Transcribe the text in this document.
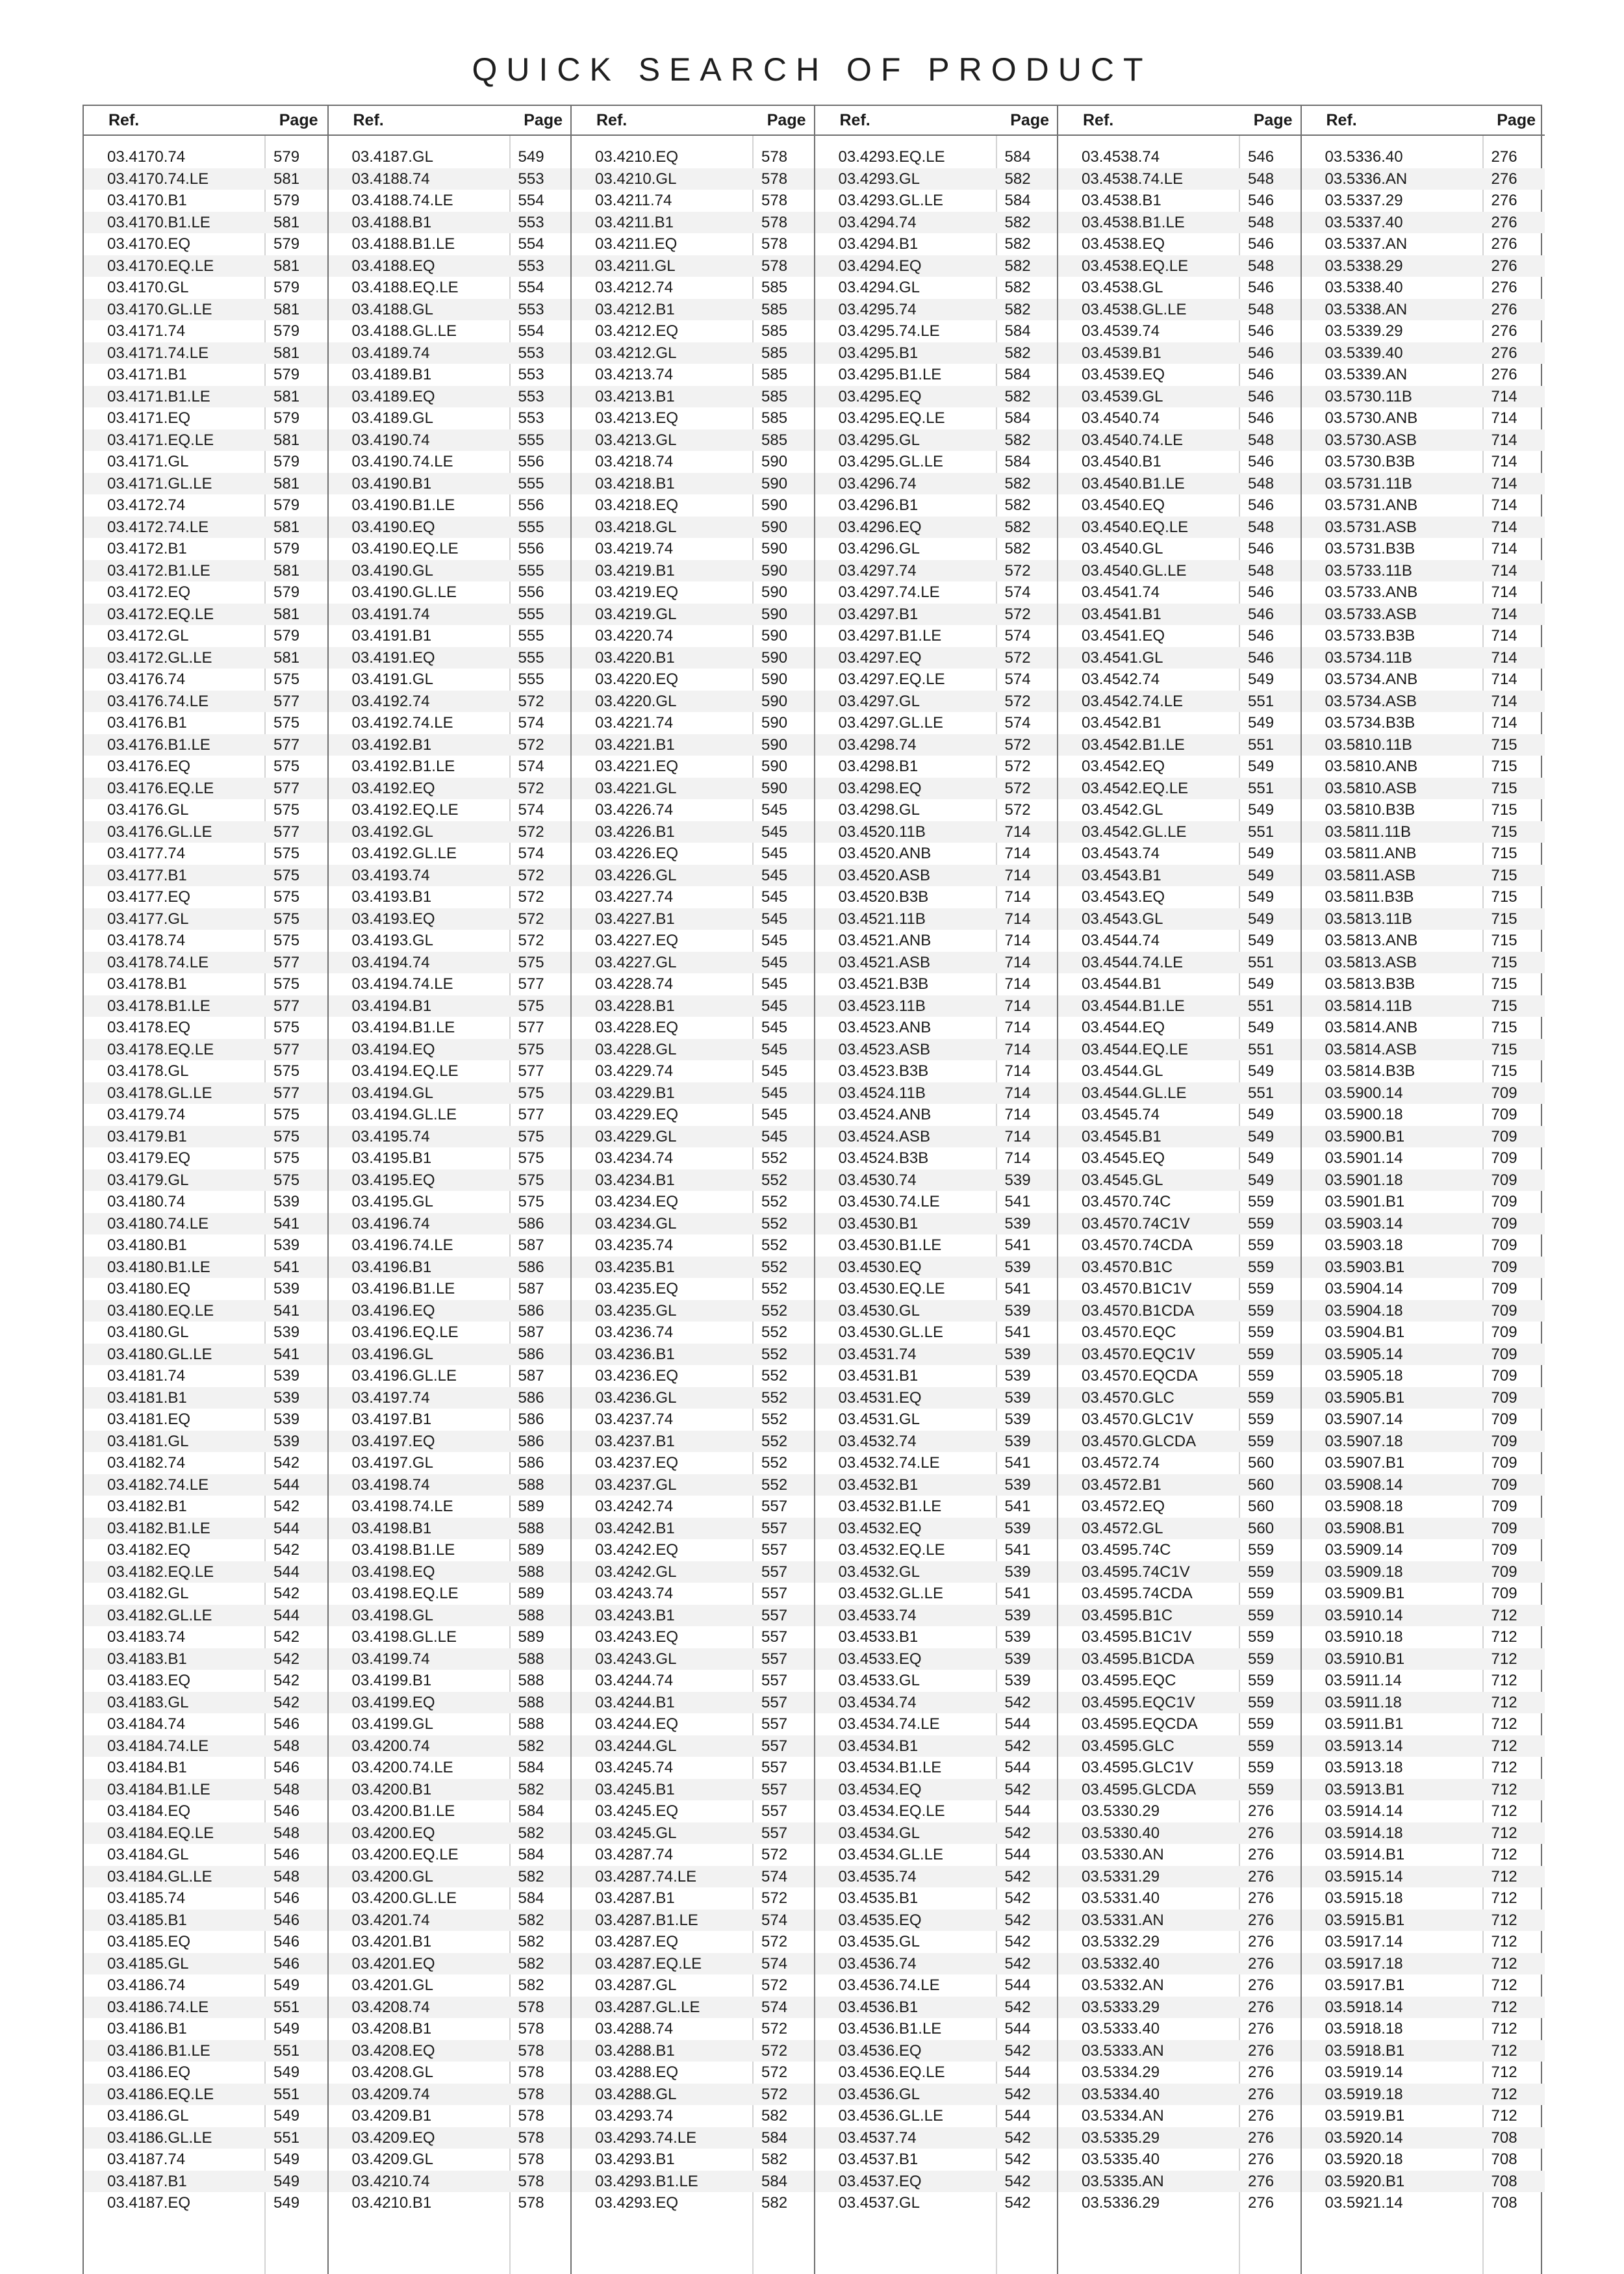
QUICK SEARCH OF PRODUCT
Ref.	Page
03.4170.74	579
03.4170.74.LE	581
03.4170.B1	579
03.4170.B1.LE	581
03.4170.EQ	579
03.4170.EQ.LE	581
03.4170.GL	579
03.4170.GL.LE	581
03.4171.74	579
03.4171.74.LE	581
03.4171.B1	579
03.4171.B1.LE	581
03.4171.EQ	579
03.4171.EQ.LE	581
03.4171.GL	579
03.4171.GL.LE	581
03.4172.74	579
03.4172.74.LE	581
03.4172.B1	579
03.4172.B1.LE	581
03.4172.EQ	579
03.4172.EQ.LE	581
03.4172.GL	579
03.4172.GL.LE	581
03.4176.74	575
03.4176.74.LE	577
03.4176.B1	575
03.4176.B1.LE	577
03.4176.EQ	575
03.4176.EQ.LE	577
03.4176.GL	575
03.4176.GL.LE	577
03.4177.74	575
03.4177.B1	575
03.4177.EQ	575
03.4177.GL	575
03.4178.74	575
03.4178.74.LE	577
03.4178.B1	575
03.4178.B1.LE	577
03.4178.EQ	575
03.4178.EQ.LE	577
03.4178.GL	575
03.4178.GL.LE	577
03.4179.74	575
03.4179.B1	575
03.4179.EQ	575
03.4179.GL	575
03.4180.74	539
03.4180.74.LE	541
03.4180.B1	539
03.4180.B1.LE	541
03.4180.EQ	539
03.4180.EQ.LE	541
03.4180.GL	539
03.4180.GL.LE	541
03.4181.74	539
03.4181.B1	539
03.4181.EQ	539
03.4181.GL	539
03.4182.74	542
03.4182.74.LE	544
03.4182.B1	542
03.4182.B1.LE	544
03.4182.EQ	542
03.4182.EQ.LE	544
03.4182.GL	542
03.4182.GL.LE	544
03.4183.74	542
03.4183.B1	542
03.4183.EQ	542
03.4183.GL	542
03.4184.74	546
03.4184.74.LE	548
03.4184.B1	546
03.4184.B1.LE	548
03.4184.EQ	546
03.4184.EQ.LE	548
03.4184.GL	546
03.4184.GL.LE	548
03.4185.74	546
03.4185.B1	546
03.4185.EQ	546
03.4185.GL	546
03.4186.74	549
03.4186.74.LE	551
03.4186.B1	549
03.4186.B1.LE	551
03.4186.EQ	549
03.4186.EQ.LE	551
03.4186.GL	549
03.4186.GL.LE	551
03.4187.74	549
03.4187.B1	549
03.4187.EQ	549
Ref.	Page
03.4187.GL	549
03.4188.74	553
03.4188.74.LE	554
03.4188.B1	553
03.4188.B1.LE	554
03.4188.EQ	553
03.4188.EQ.LE	554
03.4188.GL	553
03.4188.GL.LE	554
03.4189.74	553
03.4189.B1	553
03.4189.EQ	553
03.4189.GL	553
03.4190.74	555
03.4190.74.LE	556
03.4190.B1	555
03.4190.B1.LE	556
03.4190.EQ	555
03.4190.EQ.LE	556
03.4190.GL	555
03.4190.GL.LE	556
03.4191.74	555
03.4191.B1	555
03.4191.EQ	555
03.4191.GL	555
03.4192.74	572
03.4192.74.LE	574
03.4192.B1	572
03.4192.B1.LE	574
03.4192.EQ	572
03.4192.EQ.LE	574
03.4192.GL	572
03.4192.GL.LE	574
03.4193.74	572
03.4193.B1	572
03.4193.EQ	572
03.4193.GL	572
03.4194.74	575
03.4194.74.LE	577
03.4194.B1	575
03.4194.B1.LE	577
03.4194.EQ	575
03.4194.EQ.LE	577
03.4194.GL	575
03.4194.GL.LE	577
03.4195.74	575
03.4195.B1	575
03.4195.EQ	575
03.4195.GL	575
03.4196.74	586
03.4196.74.LE	587
03.4196.B1	586
03.4196.B1.LE	587
03.4196.EQ	586
03.4196.EQ.LE	587
03.4196.GL	586
03.4196.GL.LE	587
03.4197.74	586
03.4197.B1	586
03.4197.EQ	586
03.4197.GL	586
03.4198.74	588
03.4198.74.LE	589
03.4198.B1	588
03.4198.B1.LE	589
03.4198.EQ	588
03.4198.EQ.LE	589
03.4198.GL	588
03.4198.GL.LE	589
03.4199.74	588
03.4199.B1	588
03.4199.EQ	588
03.4199.GL	588
03.4200.74	582
03.4200.74.LE	584
03.4200.B1	582
03.4200.B1.LE	584
03.4200.EQ	582
03.4200.EQ.LE	584
03.4200.GL	582
03.4200.GL.LE	584
03.4201.74	582
03.4201.B1	582
03.4201.EQ	582
03.4201.GL	582
03.4208.74	578
03.4208.B1	578
03.4208.EQ	578
03.4208.GL	578
03.4209.74	578
03.4209.B1	578
03.4209.EQ	578
03.4209.GL	578
03.4210.74	578
03.4210.B1	578
Ref.	Page
03.4210.EQ	578
03.4210.GL	578
03.4211.74	578
03.4211.B1	578
03.4211.EQ	578
03.4211.GL	578
03.4212.74	585
03.4212.B1	585
03.4212.EQ	585
03.4212.GL	585
03.4213.74	585
03.4213.B1	585
03.4213.EQ	585
03.4213.GL	585
03.4218.74	590
03.4218.B1	590
03.4218.EQ	590
03.4218.GL	590
03.4219.74	590
03.4219.B1	590
03.4219.EQ	590
03.4219.GL	590
03.4220.74	590
03.4220.B1	590
03.4220.EQ	590
03.4220.GL	590
03.4221.74	590
03.4221.B1	590
03.4221.EQ	590
03.4221.GL	590
03.4226.74	545
03.4226.B1	545
03.4226.EQ	545
03.4226.GL	545
03.4227.74	545
03.4227.B1	545
03.4227.EQ	545
03.4227.GL	545
03.4228.74	545
03.4228.B1	545
03.4228.EQ	545
03.4228.GL	545
03.4229.74	545
03.4229.B1	545
03.4229.EQ	545
03.4229.GL	545
03.4234.74	552
03.4234.B1	552
03.4234.EQ	552
03.4234.GL	552
03.4235.74	552
03.4235.B1	552
03.4235.EQ	552
03.4235.GL	552
03.4236.74	552
03.4236.B1	552
03.4236.EQ	552
03.4236.GL	552
03.4237.74	552
03.4237.B1	552
03.4237.EQ	552
03.4237.GL	552
03.4242.74	557
03.4242.B1	557
03.4242.EQ	557
03.4242.GL	557
03.4243.74	557
03.4243.B1	557
03.4243.EQ	557
03.4243.GL	557
03.4244.74	557
03.4244.B1	557
03.4244.EQ	557
03.4244.GL	557
03.4245.74	557
03.4245.B1	557
03.4245.EQ	557
03.4245.GL	557
03.4287.74	572
03.4287.74.LE	574
03.4287.B1	572
03.4287.B1.LE	574
03.4287.EQ	572
03.4287.EQ.LE	574
03.4287.GL	572
03.4287.GL.LE	574
03.4288.74	572
03.4288.B1	572
03.4288.EQ	572
03.4288.GL	572
03.4293.74	582
03.4293.74.LE	584
03.4293.B1	582
03.4293.B1.LE	584
03.4293.EQ	582
Ref.	Page
03.4293.EQ.LE	584
03.4293.GL	582
03.4293.GL.LE	584
03.4294.74	582
03.4294.B1	582
03.4294.EQ	582
03.4294.GL	582
03.4295.74	582
03.4295.74.LE	584
03.4295.B1	582
03.4295.B1.LE	584
03.4295.EQ	582
03.4295.EQ.LE	584
03.4295.GL	582
03.4295.GL.LE	584
03.4296.74	582
03.4296.B1	582
03.4296.EQ	582
03.4296.GL	582
03.4297.74	572
03.4297.74.LE	574
03.4297.B1	572
03.4297.B1.LE	574
03.4297.EQ	572
03.4297.EQ.LE	574
03.4297.GL	572
03.4297.GL.LE	574
03.4298.74	572
03.4298.B1	572
03.4298.EQ	572
03.4298.GL	572
03.4520.11B	714
03.4520.ANB	714
03.4520.ASB	714
03.4520.B3B	714
03.4521.11B	714
03.4521.ANB	714
03.4521.ASB	714
03.4521.B3B	714
03.4523.11B	714
03.4523.ANB	714
03.4523.ASB	714
03.4523.B3B	714
03.4524.11B	714
03.4524.ANB	714
03.4524.ASB	714
03.4524.B3B	714
03.4530.74	539
03.4530.74.LE	541
03.4530.B1	539
03.4530.B1.LE	541
03.4530.EQ	539
03.4530.EQ.LE	541
03.4530.GL	539
03.4530.GL.LE	541
03.4531.74	539
03.4531.B1	539
03.4531.EQ	539
03.4531.GL	539
03.4532.74	539
03.4532.74.LE	541
03.4532.B1	539
03.4532.B1.LE	541
03.4532.EQ	539
03.4532.EQ.LE	541
03.4532.GL	539
03.4532.GL.LE	541
03.4533.74	539
03.4533.B1	539
03.4533.EQ	539
03.4533.GL	539
03.4534.74	542
03.4534.74.LE	544
03.4534.B1	542
03.4534.B1.LE	544
03.4534.EQ	542
03.4534.EQ.LE	544
03.4534.GL	542
03.4534.GL.LE	544
03.4535.74	542
03.4535.B1	542
03.4535.EQ	542
03.4535.GL	542
03.4536.74	542
03.4536.74.LE	544
03.4536.B1	542
03.4536.B1.LE	544
03.4536.EQ	542
03.4536.EQ.LE	544
03.4536.GL	542
03.4536.GL.LE	544
03.4537.74	542
03.4537.B1	542
03.4537.EQ	542
03.4537.GL	542
Ref.	Page
03.4538.74	546
03.4538.74.LE	548
03.4538.B1	546
03.4538.B1.LE	548
03.4538.EQ	546
03.4538.EQ.LE	548
03.4538.GL	546
03.4538.GL.LE	548
03.4539.74	546
03.4539.B1	546
03.4539.EQ	546
03.4539.GL	546
03.4540.74	546
03.4540.74.LE	548
03.4540.B1	546
03.4540.B1.LE	548
03.4540.EQ	546
03.4540.EQ.LE	548
03.4540.GL	546
03.4540.GL.LE	548
03.4541.74	546
03.4541.B1	546
03.4541.EQ	546
03.4541.GL	546
03.4542.74	549
03.4542.74.LE	551
03.4542.B1	549
03.4542.B1.LE	551
03.4542.EQ	549
03.4542.EQ.LE	551
03.4542.GL	549
03.4542.GL.LE	551
03.4543.74	549
03.4543.B1	549
03.4543.EQ	549
03.4543.GL	549
03.4544.74	549
03.4544.74.LE	551
03.4544.B1	549
03.4544.B1.LE	551
03.4544.EQ	549
03.4544.EQ.LE	551
03.4544.GL	549
03.4544.GL.LE	551
03.4545.74	549
03.4545.B1	549
03.4545.EQ	549
03.4545.GL	549
03.4570.74C	559
03.4570.74C1V	559
03.4570.74CDA	559
03.4570.B1C	559
03.4570.B1C1V	559
03.4570.B1CDA	559
03.4570.EQC	559
03.4570.EQC1V	559
03.4570.EQCDA	559
03.4570.GLC	559
03.4570.GLC1V	559
03.4570.GLCDA	559
03.4572.74	560
03.4572.B1	560
03.4572.EQ	560
03.4572.GL	560
03.4595.74C	559
03.4595.74C1V	559
03.4595.74CDA	559
03.4595.B1C	559
03.4595.B1C1V	559
03.4595.B1CDA	559
03.4595.EQC	559
03.4595.EQC1V	559
03.4595.EQCDA	559
03.4595.GLC	559
03.4595.GLC1V	559
03.4595.GLCDA	559
03.5330.29	276
03.5330.40	276
03.5330.AN	276
03.5331.29	276
03.5331.40	276
03.5331.AN	276
03.5332.29	276
03.5332.40	276
03.5332.AN	276
03.5333.29	276
03.5333.40	276
03.5333.AN	276
03.5334.29	276
03.5334.40	276
03.5334.AN	276
03.5335.29	276
03.5335.40	276
03.5335.AN	276
03.5336.29	276
Ref.	Page
03.5336.40	276
03.5336.AN	276
03.5337.29	276
03.5337.40	276
03.5337.AN	276
03.5338.29	276
03.5338.40	276
03.5338.AN	276
03.5339.29	276
03.5339.40	276
03.5339.AN	276
03.5730.11B	714
03.5730.ANB	714
03.5730.ASB	714
03.5730.B3B	714
03.5731.11B	714
03.5731.ANB	714
03.5731.ASB	714
03.5731.B3B	714
03.5733.11B	714
03.5733.ANB	714
03.5733.ASB	714
03.5733.B3B	714
03.5734.11B	714
03.5734.ANB	714
03.5734.ASB	714
03.5734.B3B	714
03.5810.11B	715
03.5810.ANB	715
03.5810.ASB	715
03.5810.B3B	715
03.5811.11B	715
03.5811.ANB	715
03.5811.ASB	715
03.5811.B3B	715
03.5813.11B	715
03.5813.ANB	715
03.5813.ASB	715
03.5813.B3B	715
03.5814.11B	715
03.5814.ANB	715
03.5814.ASB	715
03.5814.B3B	715
03.5900.14	709
03.5900.18	709
03.5900.B1	709
03.5901.14	709
03.5901.18	709
03.5901.B1	709
03.5903.14	709
03.5903.18	709
03.5903.B1	709
03.5904.14	709
03.5904.18	709
03.5904.B1	709
03.5905.14	709
03.5905.18	709
03.5905.B1	709
03.5907.14	709
03.5907.18	709
03.5907.B1	709
03.5908.14	709
03.5908.18	709
03.5908.B1	709
03.5909.14	709
03.5909.18	709
03.5909.B1	709
03.5910.14	712
03.5910.18	712
03.5910.B1	712
03.5911.14	712
03.5911.18	712
03.5911.B1	712
03.5913.14	712
03.5913.18	712
03.5913.B1	712
03.5914.14	712
03.5914.18	712
03.5914.B1	712
03.5915.14	712
03.5915.18	712
03.5915.B1	712
03.5917.14	712
03.5917.18	712
03.5917.B1	712
03.5918.14	712
03.5918.18	712
03.5918.B1	712
03.5919.14	712
03.5919.18	712
03.5919.B1	712
03.5920.14	708
03.5920.18	708
03.5920.B1	708
03.5921.14	708
